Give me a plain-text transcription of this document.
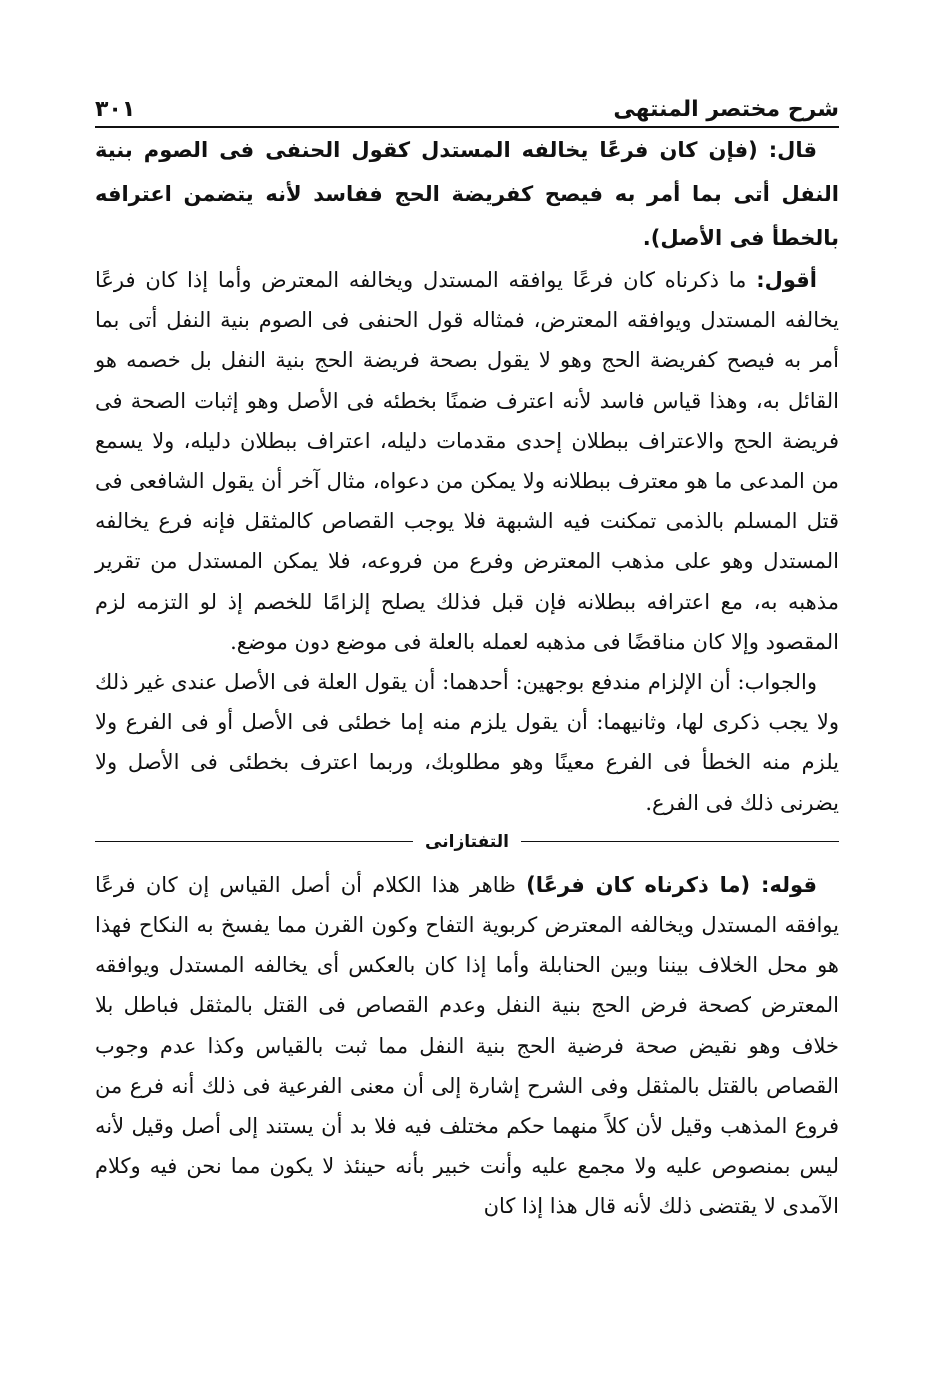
شرح مختصر المنتهى
٣٠١

قال: (فإن كان فرعًا يخالفه المستدل كقول الحنفى فى الصوم بنية النفل أتى بما أمر به فيصح كفريضة الحج ففاسد لأنه يتضمن اعترافه بالخطأ فى الأصل).

أقول: ما ذكرناه كان فرعًا يوافقه المستدل ويخالفه المعترض وأما إذا كان فرعًا يخالفه المستدل ويوافقه المعترض، فمثاله قول الحنفى فى الصوم بنية النفل أتى بما أمر به فيصح كفريضة الحج وهو لا يقول بصحة فريضة الحج بنية النفل بل خصمه هو القائل به، وهذا قياس فاسد لأنه اعترف ضمنًا بخطئه فى الأصل وهو إثبات الصحة فى فريضة الحج والاعتراف ببطلان إحدى مقدمات دليله، اعتراف ببطلان دليله، ولا يسمع من المدعى ما هو معترف ببطلانه ولا يمكن من دعواه، مثال آخر أن يقول الشافعى فى قتل المسلم بالذمى تمكنت فيه الشبهة فلا يوجب القصاص كالمثقل فإنه فرع يخالفه المستدل وهو على مذهب المعترض وفرع من فروعه، فلا يمكن المستدل من تقرير مذهبه به، مع اعترافه ببطلانه فإن قبل فذلك يصلح إلزامًا للخصم إذ لو التزمه لزم المقصود وإلا كان مناقضًا فى مذهبه لعمله بالعلة فى موضع دون موضع.

والجواب: أن الإلزام مندفع بوجهين: أحدهما: أن يقول العلة فى الأصل عندى غير ذلك ولا يجب ذكرى لها، وثانيهما: أن يقول يلزم منه إما خطئى فى الأصل أو فى الفرع ولا يلزم منه الخطأ فى الفرع معينًا وهو مطلوبك، وربما اعترف بخطئى فى الأصل ولا يضرنى ذلك فى الفرع.

التفتازانى

قوله: (ما ذكرناه كان فرعًا) ظاهر هذا الكلام أن أصل القياس إن كان فرعًا يوافقه المستدل ويخالفه المعترض كربوية التفاح وكون القرن مما يفسخ به النكاح فهذا هو محل الخلاف بيننا وبين الحنابلة وأما إذا كان بالعكس أى يخالفه المستدل ويوافقه المعترض كصحة فرض الحج بنية النفل وعدم القصاص فى القتل بالمثقل فباطل بلا خلاف وهو نقيض صحة فرضية الحج بنية النفل مما ثبت بالقياس وكذا عدم وجوب القصاص بالقتل بالمثقل وفى الشرح إشارة إلى أن معنى الفرعية فى ذلك أنه فرع من فروع المذهب وقيل لأن كلاً منهما حكم مختلف فيه فلا بد أن يستند إلى أصل وقيل لأنه ليس بمنصوص عليه ولا مجمع عليه وأنت خبير بأنه حينئذ لا يكون مما نحن فيه وكلام الآمدى لا يقتضى ذلك لأنه قال هذا إذا كان
